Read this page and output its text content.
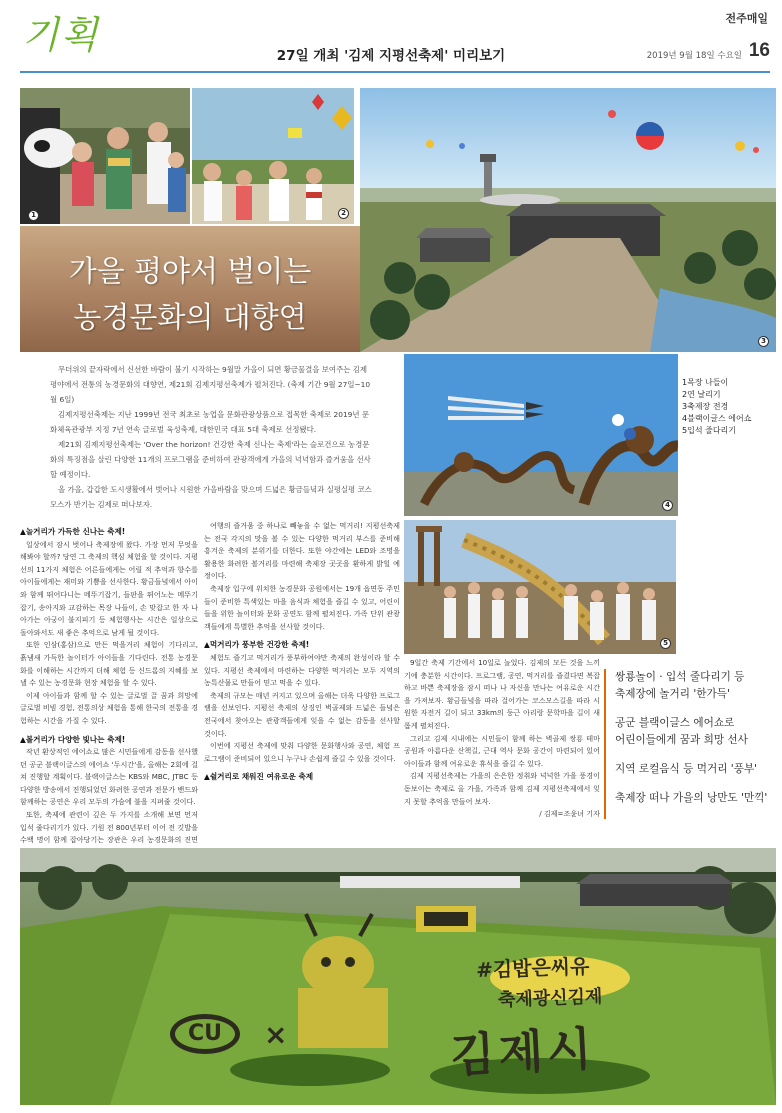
기획	전주매일
27일 개최 '김제 지평선축제' 미리보기	2019년 9월 18일 수요일 16
1	2
3
가을 평야서 벌이는
농경문화의 대향연

무더위의 끝자락에서 신선한 바람이 불기 시작하는 9월말 가을이 되면 황금물결을 보여주는 김제평야에서 전통의 농경문화의 대향연, 제21회 김제지평선축제가 펼쳐진다. (축제 기간 9월 27일~10월 6일)

김제지평선축제는 지난 1999년 전국 최초로 농업을 문화관광상품으로 접목한 축제로 2019년 문화체육관광부 지정 7년 연속 글로벌 육성축제, 대한민국 대표 5대 축제로 선정됐다.

제21회 김제지평선축제는 'Over the horizon! 건강한 축제 신나는 축제'라는 슬로건으로 농경문화의 특징점을 살린 다양한 11개의 프로그램을 준비하여 관광객에게 가을의 넉넉함과 즐거움을 선사할 예정이다.

올 가을, 갑갑한 도시생활에서 벗어나 시원한 가을바람을 맞으며 드넓은 황금들녘과 실평실평 코스모스가 반기는 김제로 떠나보자.	4
1목장 나들이
2연 날리기
3축제장 전경
4블랙이글스 에어쇼
5입석 줄다리기
5
▲놀거리가 가득한 신나는 축제!

일상에서 잠시 벗어나 축제장에 왔다. 가장 먼저 무엇을 해봐야 할까? 당연 그 축제의 핵심 체험을 할 것이다. 지평선의 11가지 체험은 어른들에게는 어릴 적 추억과 향수를 아이들에게는 재미와 기쁨을 선사한다. 황금들녘에서 아이와 함께 뛰어다니는 메뚜기잡기, 들판을 뛰어노는 메뚜기 잡기, 송아지와 교감하는 목장 나들이, 손 맞잡고 한 자 나아가는 아궁이 불지피기 등 체험행사는 시간은 일상으로 돌아와서도 새 좋은 추억으로 남게 될 것이다.

또한 인삼(홍삼)으로 만든 먹을거리 체험이 기다리고, 흙냄새 가득한 놀이터가 아이들을 기다린다. 전통 농경문화를 이해하는 시간까지 더해 체험 등 신드롬의 지혜를 보낼 수 있는 농경문화 현장 체험을 할 수 있다.

이제 아이들과 함께 할 수 있는 글로벌 끌 꿈과 희망에 글로벌 비빔 경험, 전통의상 체험을 통해 한국의 전통을 경험하는 시간을 가질 수 있다.

▲볼거리가 다양한 빛나는 축제!

작년 환상적인 에어쇼로 많은 시민들에게 감동을 선사했던 공군 블랙이글스의 에어쇼 '두시간'을, 올해는 2회에 걸쳐 진행할 계획이다. 블랙이글스는 KBS와 MBC, JTBC 등 다양한 방송에서 진행되었던 화려한 공연과 전문가 밴드와 함께하는 공연은 우리 모두의 가슴에 불을 지펴줄 것이다.

또한, 축제에 관련이 깊은 두 가지를 소개해 보면 먼저 입석 줄다리기가 있다. 기원 전 800년부터 이어 전 깃발을 수백 명이 함께 잡아당기는 장관은 우리 농경문화의 진면

여행의 즐거움 중 하나로 빼놓을 수 없는 먹거리! 지평선축제는 전국 각지의 맛을 볼 수 있는 다양한 먹거리 부스를 준비해 흥겨운 축제의 분위기를 더한다. 또한 야간에는 LED와 조명을 활용한 화려한 볼거리를 마련해 축제장 곳곳을 환하게 밝힐 예정이다.

축제장 입구에 위치한 농경문화 공원에서는 19개 읍면동 주민들이 준비한 특색있는 마을 음식과 체험을 즐길 수 있고, 어린이들을 위한 놀이터와 문화 공연도 함께 펼쳐진다. 가족 단위 관광객들에게 특별한 추억을 선사할 것이다.

▲먹거리가 풍부한 건강한 축제!

체험도 즐기고 먹거리가 풍부하여야만 축제의 완성이라 할 수 있다. 지평선 축제에서 마련하는 다양한 먹거리는 모두 지역의 농특산물로 만들어 믿고 먹을 수 있다.

축제의 규모는 매년 커지고 있으며 올해는 더욱 다양한 프로그램을 선보인다. 지평선 축제의 상징인 벽골제와 드넓은 들녘은 전국에서 찾아오는 관광객들에게 잊을 수 없는 감동을 선사할 것이다.

이번에 지평선 축제에 맞춰 다양한 문화행사와 공연, 체험 프로그램이 준비되어 있으니 누구나 손쉽게 즐길 수 있을 것이다.

▲쉴거리로 채워진 여유로운 축제

9일간 축제 기간에서 10일로 늘었다. 김제의 모든 것을 느끼기에 충분한 시간이다. 프로그램, 공연, 먹거리를 즐겼다면 복잡하고 바쁜 축제장을 잠시 떠나 나 자신을 만나는 여유로운 시간을 가져보자. 황금들녘을 따라 걸어가는 코스모스길을 따라 시원한 자전거 길이 되고 33km의 둥근 아리랑 문학마을 길이 새롭게 펼쳐진다.

그리고 김제 시내에는 시민들이 함께 하는 벽골제 쌍룡 테마 공원과 아름다운 산책길, 근대 역사 문화 공간이 마련되어 있어 아이들과 함께 여유로운 휴식을 즐길 수 있다.

김제 지평선축제는 가을의 은은한 정취와 넉넉한 가을 풍경이 돋보이는 축제로 올 가을, 가족과 함께 김제 지평선축제에서 잊지 못할 추억을 만들어 보자.

/ 김제=조윤녀 기자

쌍룡놀이 · 입석 줄다리기 등
축제장에 놀거리 '한가득'
공군 블랙이글스 에어쇼로
어린이들에게 꿈과 희망 선사
지역 로컬음식 등 먹거리 '풍부'
축제장 떠나 가을의 낭만도 '만끽'
#김밥은씨유
축제광신김제
CU	×	김제시
